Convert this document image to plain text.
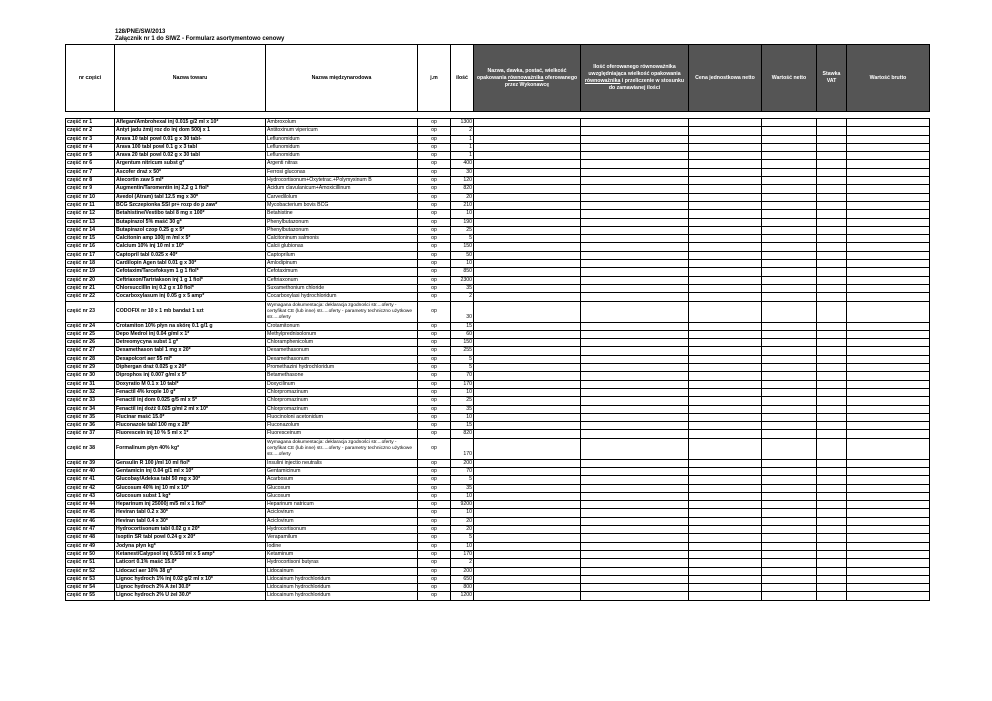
128/PNE/SW/2013
Załącznik nr 1 do SIWZ - Formularz asortymentowo cenowy
nr części	Nazwa towaru	Nazwa międzynarodowa	j.m	ilość	Nazwa, dawka, postać, wielkość opakowania równoważnika oferowanego przez Wykonawcę	Ilość oferowanego równoważnika uwzględniająca wielkość opakowania równoważnika i przeliczenie w stosunku do zamawianej ilości	Cena jednostkowa netto	Wartość netto	Stawka VAT	Wartość brutto

część nr 1	Aflegan/Ambrohexal inj 0.015 g/2 ml x 10*	Ambroxolum	op	1300						
część nr 2	Antyt jadu żmij roz do inj dom 500j x 1	Antitoxinum vipericum	op	2						
część nr 3	Arava 10 tabl powl 0.01 g x 30 tabl-	Leflunomidum	op	1						
część nr 4	Arava 100 tabl powl 0.1 g x 3 tabl	Leflunomidum	op	1						
część nr 5	Arava 20 tabl powl 0.02 g x 30 tabl	Leflunomidum	op	1						
część nr 6	Argentum nitricum subst g*	Argenti nitras	op	400						
część nr 7	Ascofer draż x 50*	Ferrosi gluconas	op	30						
część nr 8	Atecortin zaw 5 ml*	Hydrocortisonum+Oxytetrac.+Polymyxinum B	op	120						
część nr 9	Augmentin/Taromentin inj 2,2 g 1 fiol*	Acidum clavulanicum+Amoxicillinum	op	820						
część nr 10	Avedol (Atram) tabl 12.5 mg x 30*	Carvedilolum	op	20						
część nr 11	BCG Szczepionka SSI pr+ rozp do p zaw*	Mycobacterium bovis BCG	op	210						
część nr 12	Betahistine/Vestibo tabl 8 mg x 100*	Betahistine	op	10						
część nr 13	Butapirazol 5% maść 30 g*	Phenylbutazonum	op	190						
część nr 14	Butapirazol czop 0.25 g x 5*	Phenylbutazonum	op	25						
część nr 15	Calcitonin amp 100j m /ml x 5*	Calcitoninum salmonis	op	5						
część nr 16	Calcium 10% inj 10 ml x 10*	Calcii glubionas	op	150						
część nr 17	Captopril tabl 0.025 x 40*	Captoprilum	op	50						
część nr 18	Cardilopin Agen tabl 0.01 g x 30*	Amlodipinum	op	10						
część nr 19	Cefotaxim/Tarcefoksym 1 g 1 fiol*	Cefotaximum	op	850						
część nr 20	Ceftriaxon/Tartriakson inj 1 g 1 fiol*	Ceftriaxonum	op	2300						
część nr 21	Chlorsuccillin inj 0.2 g x 10 fiol*	Suxamethonium chloride	op	35						
część nr 22	Cocarboxylasum inj 0.05 g x 5 amp*	Cocarboxylasi hydrochloridum	op	2						
część nr 23	CODOFIX nr 10 x 1 mb bandaż 1 szt	Wymagana dokumentacja: deklaracja zgodności str....oferty - certyfikat CE (lub inne) str.....oferty - parametry techniczno użytkowe str.....oferty	op	30						
część nr 24	Crotamiton 10% płyn na skórę 0.1 g/1 g	Crotamitonum	op	15						
część nr 25	Depo Medrol inj 0.04 g/ml x 1*	Methylprednisolonum	op	60						
część nr 26	Detreomycyna subst 1 g*	Chloramphenicolum	op	150						
część nr 27	Dexamethason tabl 1 mg x 20*	Dexamethasonum	op	255						
część nr 28	Dexapolcort aer 55 ml*	Dexamethasonum	op	5						
część nr 29	Diphergan draż 0.025 g x 20*	Promethazini hydrochloridum	op	5						
część nr 30	Diprophos inj 0.007 g/ml x 5*	Betamethasone	op	70						
część nr 31	Doxyratio M 0.1 x 10 tabl*	Doxycilinum	op	170						
część nr 32	Fenactil 4% krople 10 g*	Chlorpromazinum	op	10						
część nr 33	Fenactil inj dom 0.025 g/5 ml x 5*	Chlorpromazinum	op	25						
część nr 34	Fenactil inj dożż 0.025 g/ml 2 ml x 10*	Chlorpromazinum	op	35						
część nr 35	Flucinar maść 15.0*	Fluocinoloni acetonidum	op	10						
część nr 36	Fluconazole tabl 100 mg x 28*	Fluconazolum	op	15						
część nr 37	Fluorescein inj 10 % 5 ml x 1*	Fluoresceinum	op	820						
część nr 38	Formalinum płyn 40% kg*	Wymagana dokumentacja: deklaracja zgodności str....oferty - certyfikat CE (lub inne) str.....oferty - parametry techniczno użytkowe str.....oferty	op	170						
część nr 39	Gensulin R 100 j/ml 10 ml fiol*	Insulini injectio neutralis	op	200						
część nr 40	Gentamicin inj 0.04 g/1 ml x 10*	Gentamicinum	op	70						
część nr 41	Glucobay/Adeksa tabl 50 mg x 30*	Acarbosum	op	5						
część nr 42	Glucosum 40% inj 10 ml x 10*	Glucosum	op	35						
część nr 43	Glucosum subst 1 kg*	Glucosum	op	10						
część nr 44	Heparinum inj 25000j m/5 ml x 1 fiol*	Heparinum natricum	op	9200						
część nr 45	Heviran tabl 0.2 x 30*	Aciclovirum	op	10						
część nr 46	Heviran tabl 0.4 x 30*	Aciclovirum	op	20						
część nr 47	Hydrocortisonum tabl 0.02 g x 20*	Hydrocortisonum	op	20						
część nr 48	Isoptin SR tabl powl 0.24 g x 20*	Verapamilum	op	5						
część nr 49	Jodyna płyn kg*	Iodine	op	10						
część nr 50	Ketanest/Calypsol inj 0.5/10 ml x 5 amp*	Ketaminum	op	170						
część nr 51	Laticort 0.1% maść 15.0*	Hydrocortisoni butyras	op	2						
część nr 52	Lidocaci aer 10% 38 g*	Lidocainum	op	200						
część nr 53	Lignoc hydroch 1% inj 0.02 g/2 ml x 10*	Lidocainum hydrochloridum	op	650						
część nr 54	Lignoc hydroch 2% A żel 30.0*	Lidocainum hydrochloridum	op	800						
część nr 55	Lignoc hydroch 2% U żel 30.0*	Lidocainum hydrochloridum	op	1200						
